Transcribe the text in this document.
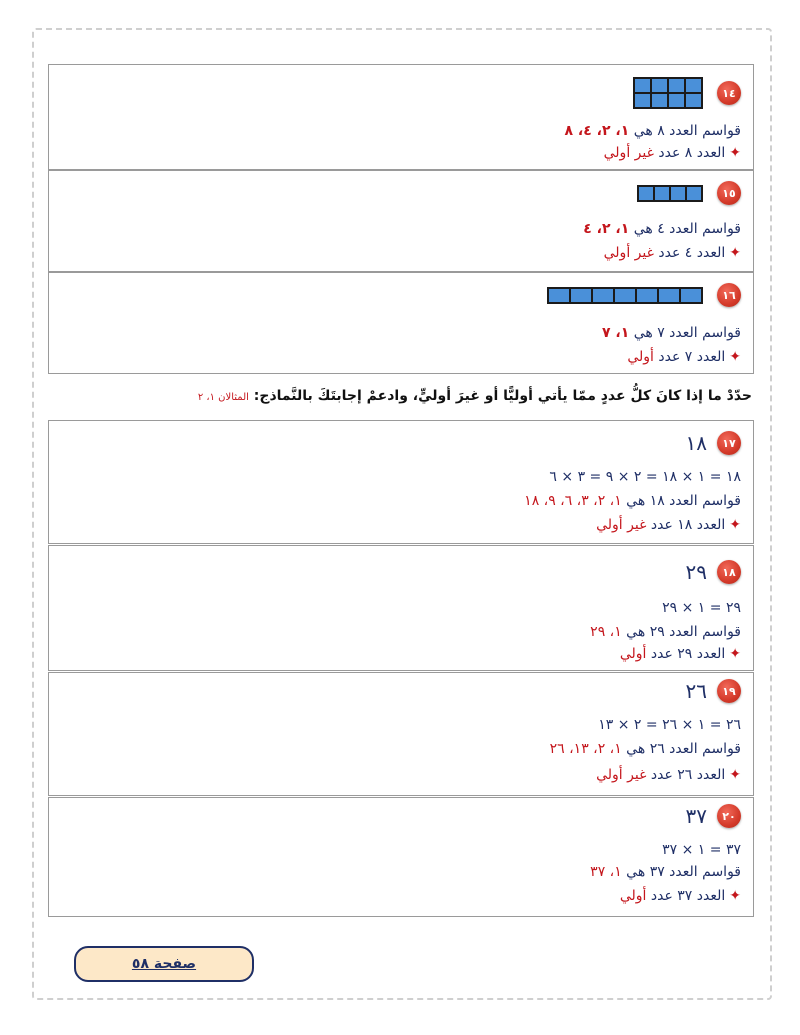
١٤
قواسم العدد ٨ هي

١، ٢، ٤، ٨
✦
العدد ٨ عدد

غير أولي
١٥
قواسم العدد ٤ هي

١، ٢، ٤
✦
العدد ٤ عدد

غير أولي
١٦
قواسم العدد ٧ هي

١، ٧
✦
العدد ٧ عدد

أولي
حدّدْ ما إذا كانَ كلُّ عددٍ ممّا يأتي أوليًّا أو غيرَ أوليٍّ، وادعمْ إجابتَكَ بالنَّماذج: المثالان ١، ٢
١٧
١٨
١٨ = ١ × ١٨ = ٢ × ٩ = ٣ × ٦
قواسم العدد ١٨ هي

١، ٢، ٣، ٦، ٩، ١٨
✦
العدد ١٨ عدد

غير أولي
١٨
٢٩
٢٩ = ١ × ٢٩
قواسم العدد ٢٩ هي

١، ٢٩
✦
العدد ٢٩ عدد

أولي
١٩
٢٦
٢٦ = ١ × ٢٦ = ٢ × ١٣
قواسم العدد ٢٦ هي

١، ٢، ١٣، ٢٦
✦
العدد ٢٦ عدد

غير أولي
٢٠
٣٧
٣٧ = ١ × ٣٧
قواسم العدد ٣٧ هي

١، ٣٧
✦
العدد ٣٧ عدد

أولي
صفحة ٥٨
